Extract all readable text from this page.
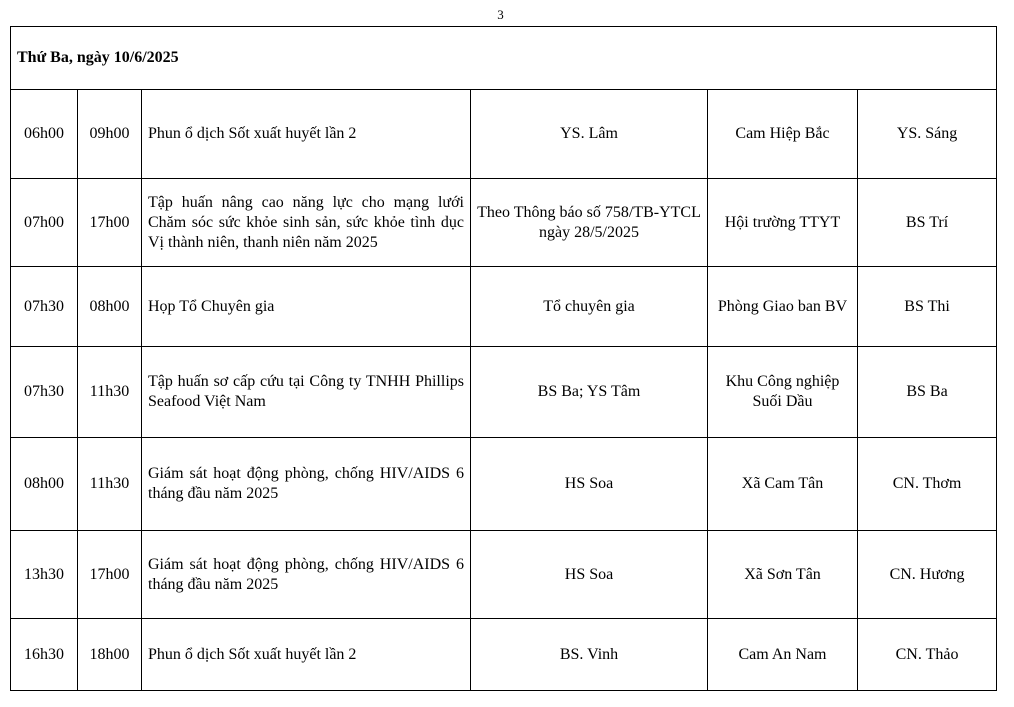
3
Thứ Ba, ngày 10/6/2025					
06h00	09h00	Phun ổ dịch Sốt xuất huyết lần 2	YS. Lâm	Cam Hiệp Bắc	YS. Sáng
07h00	17h00	Tập huấn nâng cao năng lực cho mạng lưới Chăm sóc sức khỏe sinh sản, sức khỏe tình dục Vị thành niên, thanh niên năm 2025	Theo Thông báo số 758/TB-YTCL ngày 28/5/2025	Hội trường TTYT	BS Trí
07h30	08h00	Họp Tổ Chuyên gia	Tổ chuyên gia	Phòng Giao ban BV	BS Thi
07h30	11h30	Tập huấn sơ cấp cứu tại Công ty TNHH Phillips Seafood Việt Nam	BS Ba; YS Tâm	Khu Công nghiệp Suối Dầu	BS Ba
08h00	11h30	Giám sát hoạt động phòng, chống HIV/AIDS 6 tháng đầu năm 2025	HS Soa	Xã Cam Tân	CN. Thơm
13h30	17h00	Giám sát hoạt động phòng, chống HIV/AIDS 6 tháng đầu năm 2025	HS Soa	Xã Sơn Tân	CN. Hương
16h30	18h00	Phun ổ dịch Sốt xuất huyết lần 2	BS. Vinh	Cam An Nam	CN. Thảo
